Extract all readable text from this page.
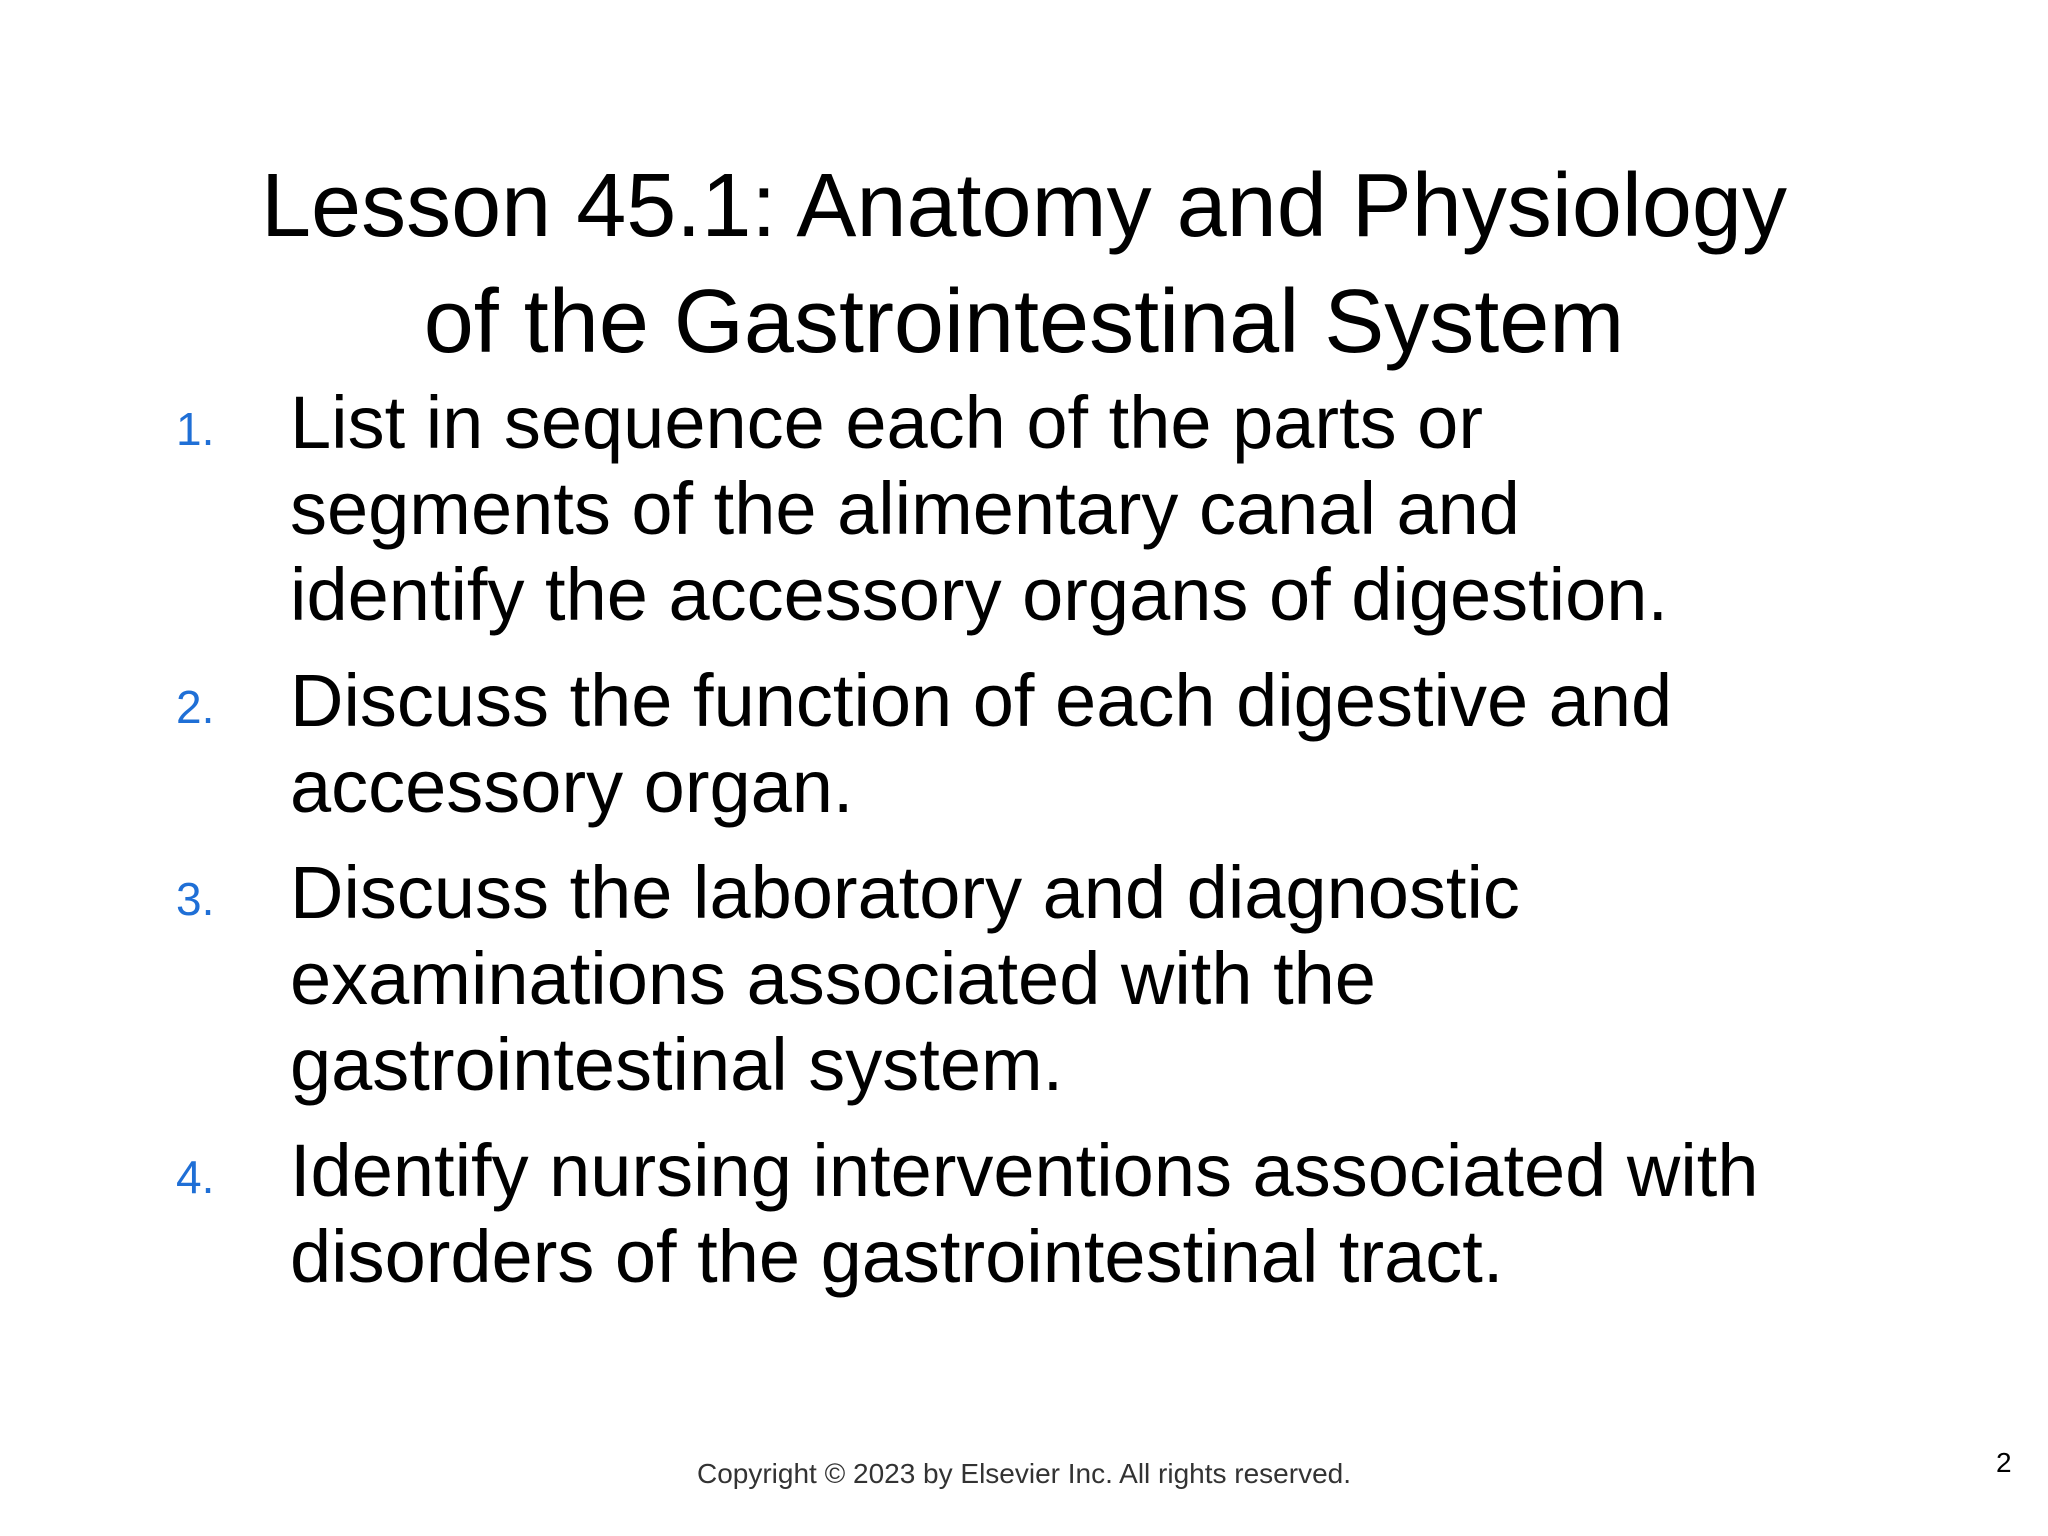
Lesson 45.1: Anatomy and Physiology
of the Gastrointestinal System
1. List in sequence each of the parts or
segments of the alimentary canal and
identify the accessory organs of digestion.
2. Discuss the function of each digestive and
accessory organ.
3. Discuss the laboratory and diagnostic
examinations associated with the
gastrointestinal system.
4. Identify nursing interventions associated with
disorders of the gastrointestinal tract.
Copyright © 2023 by Elsevier Inc. All rights reserved.	2
